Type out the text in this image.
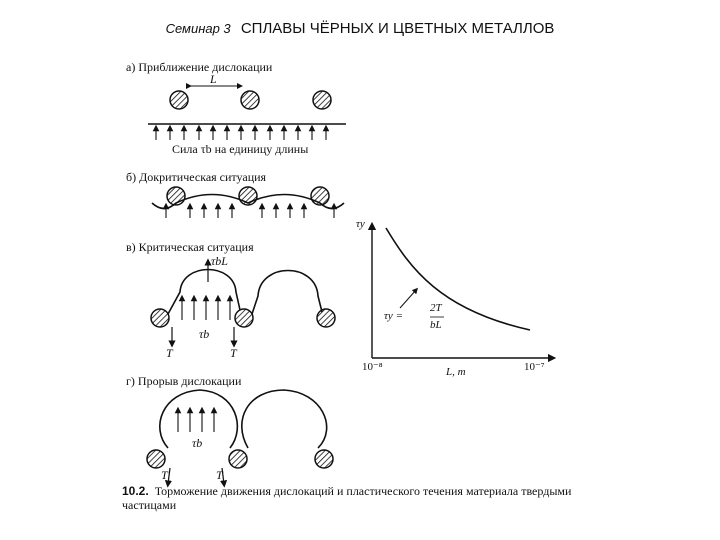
Семинар 3 СПЛАВЫ ЧЁРНЫХ И ЦВЕТНЫХ МЕТАЛЛОВ
а) Приближение дислокации
L
Сила τb на единицу длины
б) Докритическая ситуация
в) Критическая ситуация
τbL
τb
T	T
г) Прорыв дислокации
τb
T	T
τy
τy =
2T
bL
10⁻⁸	10⁻⁷
L, m
10.2. Торможение движения дислокаций и пластического течения материала твердыми частицами
